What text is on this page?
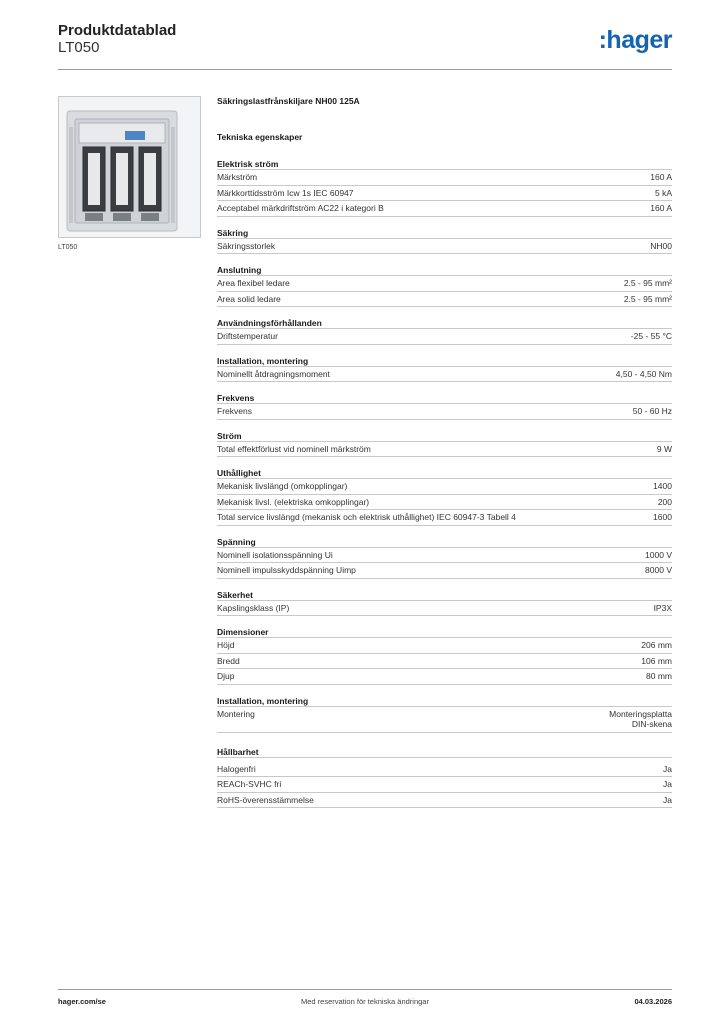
Produktdatablad
LT050	:hager
LT050
Säkringslastfrånskiljare NH00 125A
Tekniska egenskaper
Elektrisk ström
Märkström	160 A
Märkkorttidsström Icw 1s IEC 60947	5 kA
Acceptabel märkdriftström AC22 i kategori B	160 A
Säkring
Säkringsstorlek	NH00
Anslutning
Area flexibel ledare	2.5 - 95 mm²
Area solid ledare	2.5 - 95 mm²
Användningsförhållanden
Driftstemperatur	-25 - 55 °C
Installation, montering
Nominellt åtdragningsmoment	4,50 - 4,50 Nm
Frekvens
Frekvens	50 - 60 Hz
Ström
Total effektförlust vid nominell märkström	9 W
Uthållighet
Mekanisk livslängd (omkopplingar)	1400
Mekanisk livsl. (elektriska omkopplingar)	200
Total service livslängd (mekanisk och elektrisk uthållighet) IEC 60947-3 Tabell 4	1600
Spänning
Nominell isolationsspänning Ui	1000 V
Nominell impulsskyddspänning Uimp	8000 V
Säkerhet
Kapslingsklass (IP)	IP3X
Dimensioner
Höjd	206 mm
Bredd	106 mm
Djup	80 mm
Installation, montering
Montering	Monteringsplatta
DIN-skena
Hållbarhet
Halogenfri	Ja
REACh-SVHC fri	Ja
RoHS-överensstämmelse	Ja
hager.com/se	Med reservation för tekniska ändringar	04.03.2026
